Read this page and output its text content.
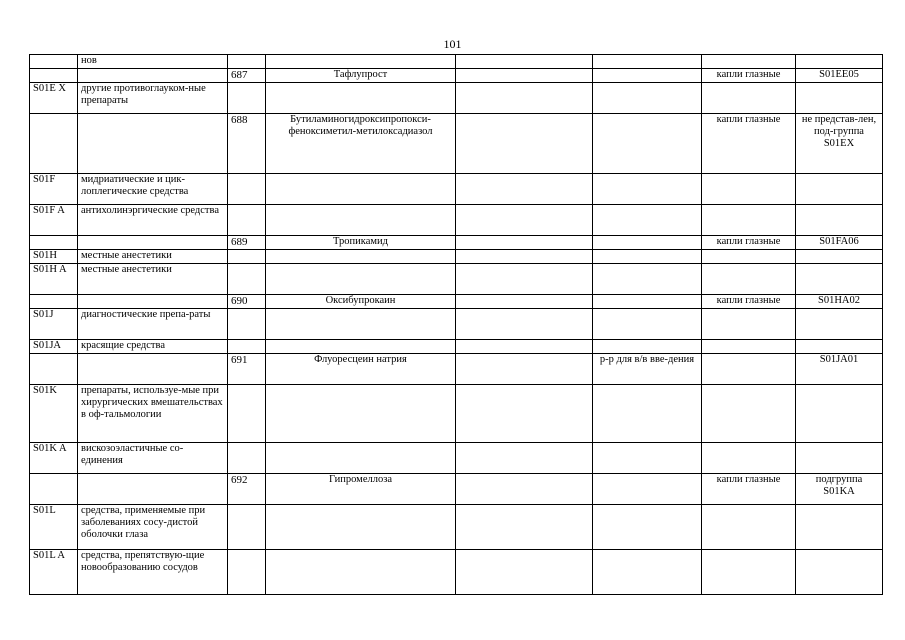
101
	нов						
		687	Тафлупрост			капли глазные	S01EE05
S01E X	другие противоглауком-ные препараты						
		688	Бутиламиногидроксипропокси-феноксиметил-метилоксадиазол			капли глазные	не представ-лен, под-группа S01EX
S01F	мидриатические и цик-лоплегические средства						
S01F A	антихолинэргические средства						
		689	Тропикамид			капли глазные	S01FA06
S01H	местные анестетики						
S01H A	местные анестетики						
		690	Оксибупрокаин			капли глазные	S01HA02
S01J	диагностические препа-раты						
S01JA	красящие средства						
		691	Флуоресцеин натрия		р-р для в/в вве-дения		S01JA01
S01K	препараты, используе-мые при хирургических вмешательствах в оф-тальмологии						
S01K A	вискозоэластичные со-единения						
		692	Гипромеллоза			капли глазные	подгруппа S01KA
S01L	средства, применяемые при заболеваниях сосу-дистой оболочки глаза						
S01L A	средства, препятствую-щие новообразованию сосудов						
